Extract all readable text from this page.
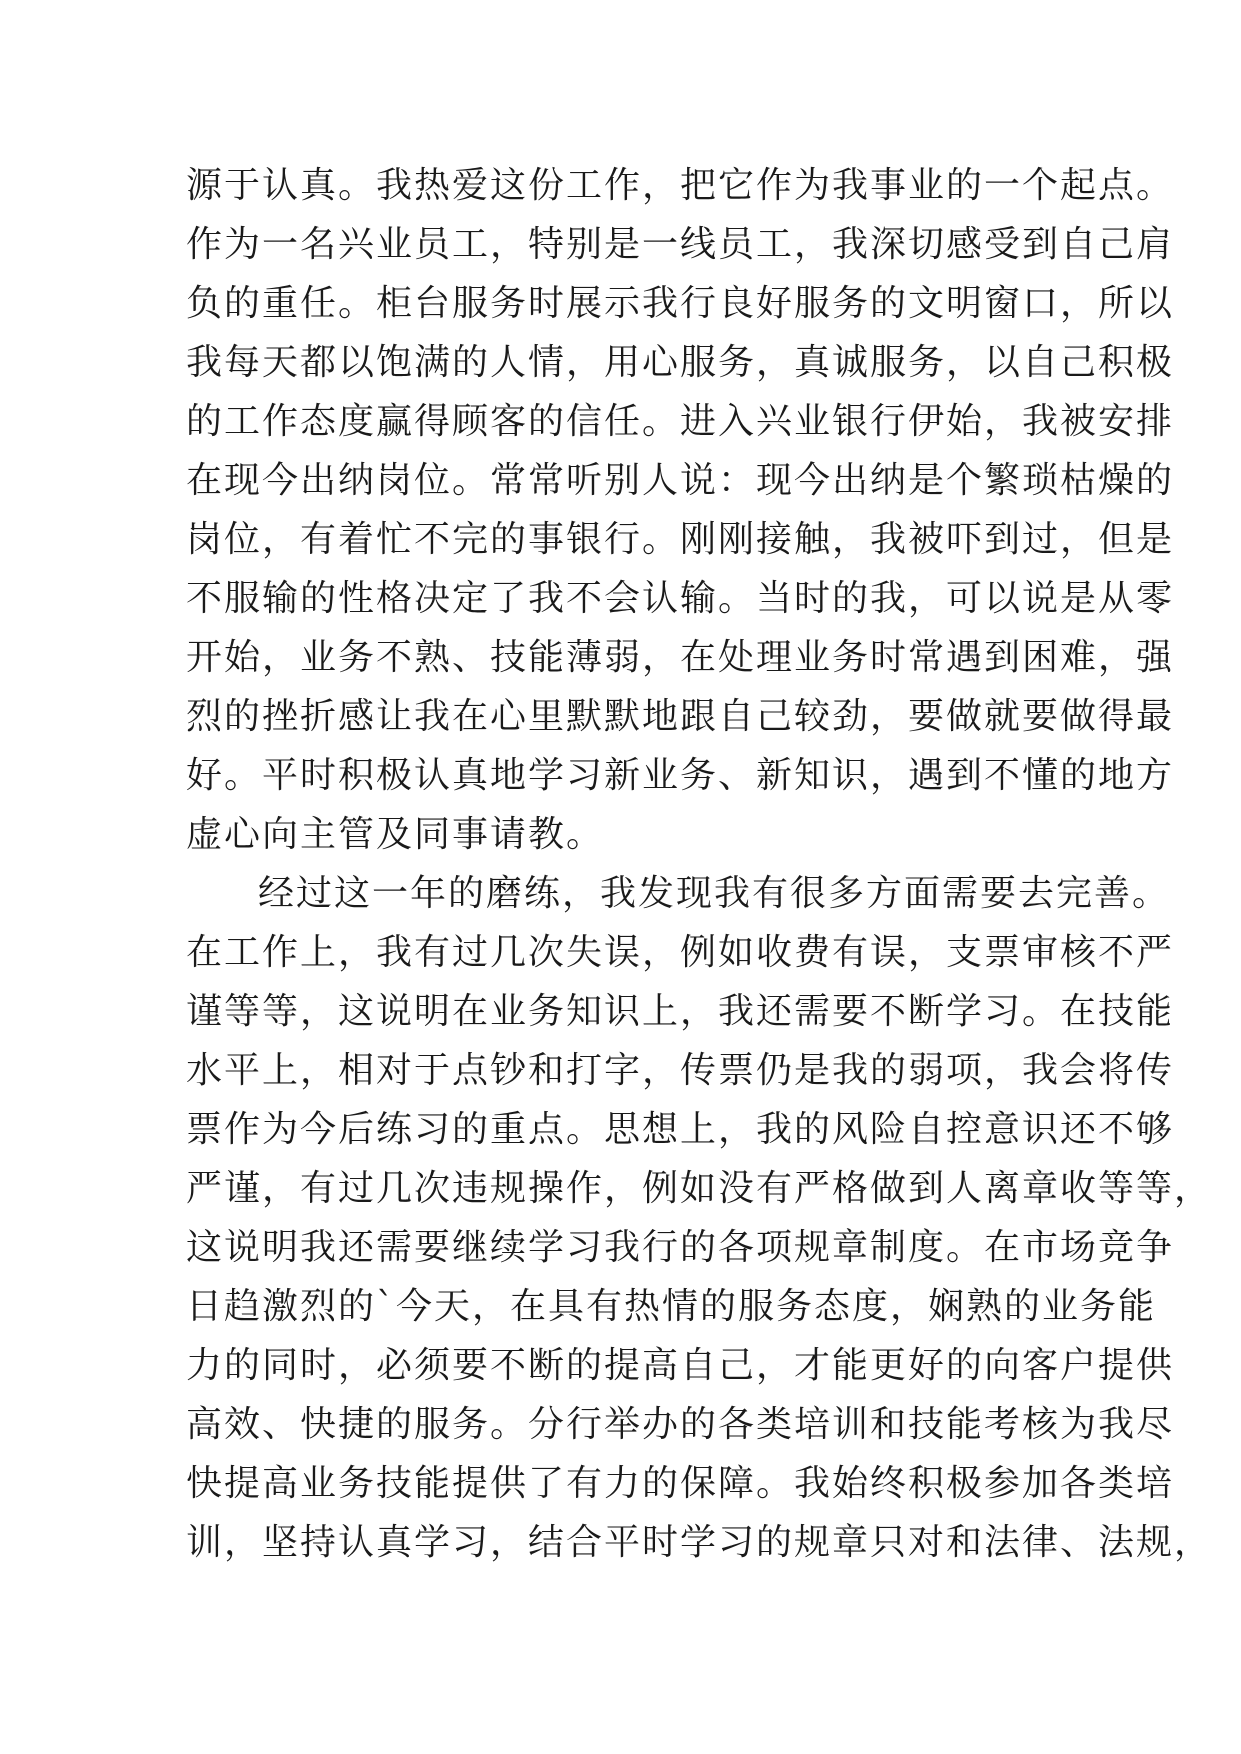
源于认真。我热爱这份工作，把它作为我事业的一个起点。
作为一名兴业员工，特别是一线员工，我深切感受到自己肩
负的重任。柜台服务时展示我行良好服务的文明窗口，所以
我每天都以饱满的人情，用心服务，真诚服务，以自己积极
的工作态度赢得顾客的信任。进入兴业银行伊始，我被安排
在现今出纳岗位。常常听别人说：现今出纳是个繁琐枯燥的
岗位，有着忙不完的事银行。刚刚接触，我被吓到过，但是
不服输的性格决定了我不会认输。当时的我，可以说是从零
开始，业务不熟、技能薄弱，在处理业务时常遇到困难，强
烈的挫折感让我在心里默默地跟自己较劲，要做就要做得最
好。平时积极认真地学习新业务、新知识，遇到不懂的地方
虚心向主管及同事请教。
经过这一年的磨练，我发现我有很多方面需要去完善。
在工作上，我有过几次失误，例如收费有误，支票审核不严
谨等等，这说明在业务知识上，我还需要不断学习。在技能
水平上，相对于点钞和打字，传票仍是我的弱项，我会将传
票作为今后练习的重点。思想上，我的风险自控意识还不够
严谨，有过几次违规操作，例如没有严格做到人离章收等等，
这说明我还需要继续学习我行的各项规章制度。在市场竞争
日趋激烈的`今天，在具有热情的服务态度，娴熟的业务能
力的同时，必须要不断的提高自己，才能更好的向客户提供
高效、快捷的服务。分行举办的各类培训和技能考核为我尽
快提高业务技能提供了有力的保障。我始终积极参加各类培
训，坚持认真学习，结合平时学习的规章只对和法律、法规，
